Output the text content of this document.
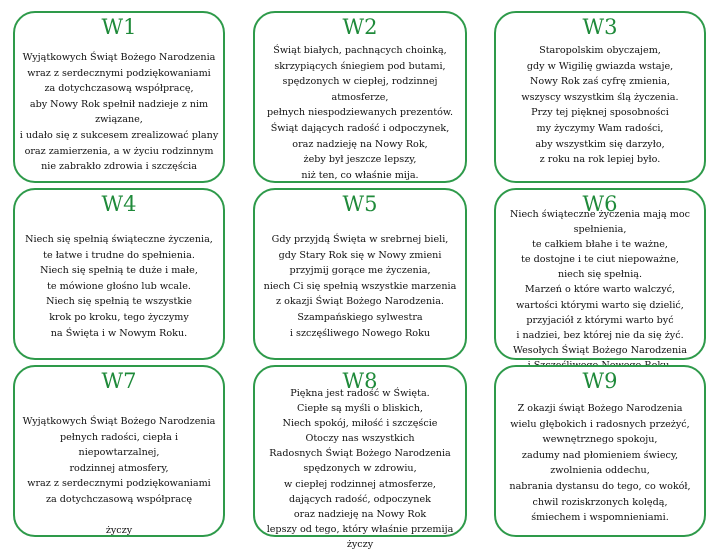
W1
Wyjątkowych Świąt Bożego Narodzenia
wraz z serdecznymi podziękowaniami
za dotychczasową współpracę,
aby Nowy Rok spełnił nadzieje z nim związane,
i udało się z sukcesem zrealizować plany
oraz zamierzenia, a w życiu rodzinnym
nie zabrakło zdrowia i szczęścia
W2
Świąt białych, pachnących choinką,
skrzypiących śniegiem pod butami,
spędzonych w ciepłej, rodzinnej atmosferze,
pełnych niespodziewanych prezentów.
Świąt dających radość i odpoczynek,
oraz nadzieję na Nowy Rok,
żeby był jeszcze lepszy,
niż ten, co właśnie mija.
W3
Staropolskim obyczajem,
gdy w Wigilię gwiazda wstaje,
Nowy Rok zaś cyfrę zmienia,
wszyscy wszystkim ślą życzenia.
Przy tej pięknej sposobności
my życzymy Wam radości,
aby wszystkim się darzyło,
z roku na rok lepiej było.
W4
Niech się spełnią świąteczne życzenia,
te łatwe i trudne do spełnienia.
Niech się spełnią te duże i małe,
te mówione głośno lub wcale.
Niech się spełnią te wszystkie
krok po kroku, tego życzymy
na Święta i w Nowym Roku.
W5
Gdy przyjdą Święta w srebrnej bieli,
gdy Stary Rok się w Nowy zmieni
przyjmij gorące me życzenia,
niech Ci się spełnią wszystkie marzenia
z okazji Świąt Bożego Narodzenia.
Szampańskiego sylwestra
i szczęśliwego Nowego Roku
W6
Niech świąteczne życzenia mają moc spełnienia,
te całkiem błahe i te ważne,
te dostojne i te ciut niepoważne,
niech się spełnią.
Marzeń o które warto walczyć,
wartości którymi warto się dzielić,
przyjaciół z którymi warto być
i nadziei, bez której nie da się żyć.
Wesołych Świąt Bożego Narodzenia

W7
Wyjątkowych Świąt Bożego Narodzenia
pełnych radości, ciepła i niepowtarzalnej,
rodzinnej atmosfery,
wraz z serdecznymi podziękowaniami
za dotychczasową współpracę

życzy
W8
Piękna jest radość w Święta.
Ciepłe są myśli o bliskich,
Niech spokój, miłość i szczęście
Otoczy nas wszystkich
Radosnych Świąt Bożego Narodzenia
spędzonych w zdrowiu,
w ciepłej rodzinnej atmosferze,
dających radość, odpoczynek
oraz nadzieję na Nowy Rok
lepszy od tego, który właśnie przemija
życzy
W9
Z okazji świąt Bożego Narodzenia
wielu głębokich i radosnych przeżyć,
wewnętrznego spokoju,
zadumy nad płomieniem świecy,
zwolnienia oddechu,
nabrania dystansu do tego, co wokół,
chwil roziskrzonych kolędą,
śmiechem i wspomnieniami.
